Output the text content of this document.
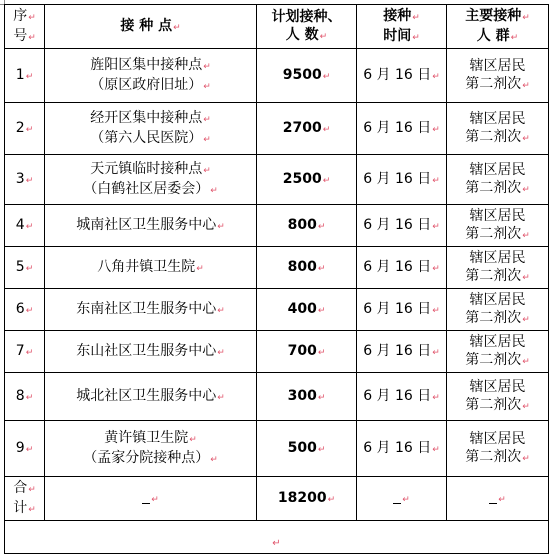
序↵
号↵	接 种 点↵	计划接种、
人 数↵	接种↵
时间↵	主要接种↵
人 群↵

1↵	旌阳区集中接种点↵
（原区政府旧址）↵	9500↵	6 月 16 日↵	辖区居民
第二剂次↵

2↵	经开区集中接种点↵
（第六人民医院）↵	2700↵	6 月 16 日↵	辖区居民
第二剂次↵

3↵	天元镇临时接种点↵
（白鹤社区居委会）↵	2500↵	6 月 16 日↵	辖区居民
第二剂次↵

4↵	城南社区卫生服务中心↵	800↵	6 月 16 日↵	辖区居民
第二剂次↵

5↵	八角井镇卫生院↵	800↵	6 月 16 日↵	辖区居民
第二剂次↵

6↵	东南社区卫生服务中心↵	400↵	6 月 16 日↵	辖区居民
第二剂次↵

7↵	东山社区卫生服务中心↵	700↵	6 月 16 日↵	辖区居民
第二剂次↵

8↵	城北社区卫生服务中心↵	300↵	6 月 16 日↵	辖区居民
第二剂次↵

9↵	黄许镇卫生院↵
（孟家分院接种点）↵	500↵	6 月 16 日↵	辖区居民
第二剂次↵

合↵
计↵	↵	18200↵	↵	↵
$_↵$
